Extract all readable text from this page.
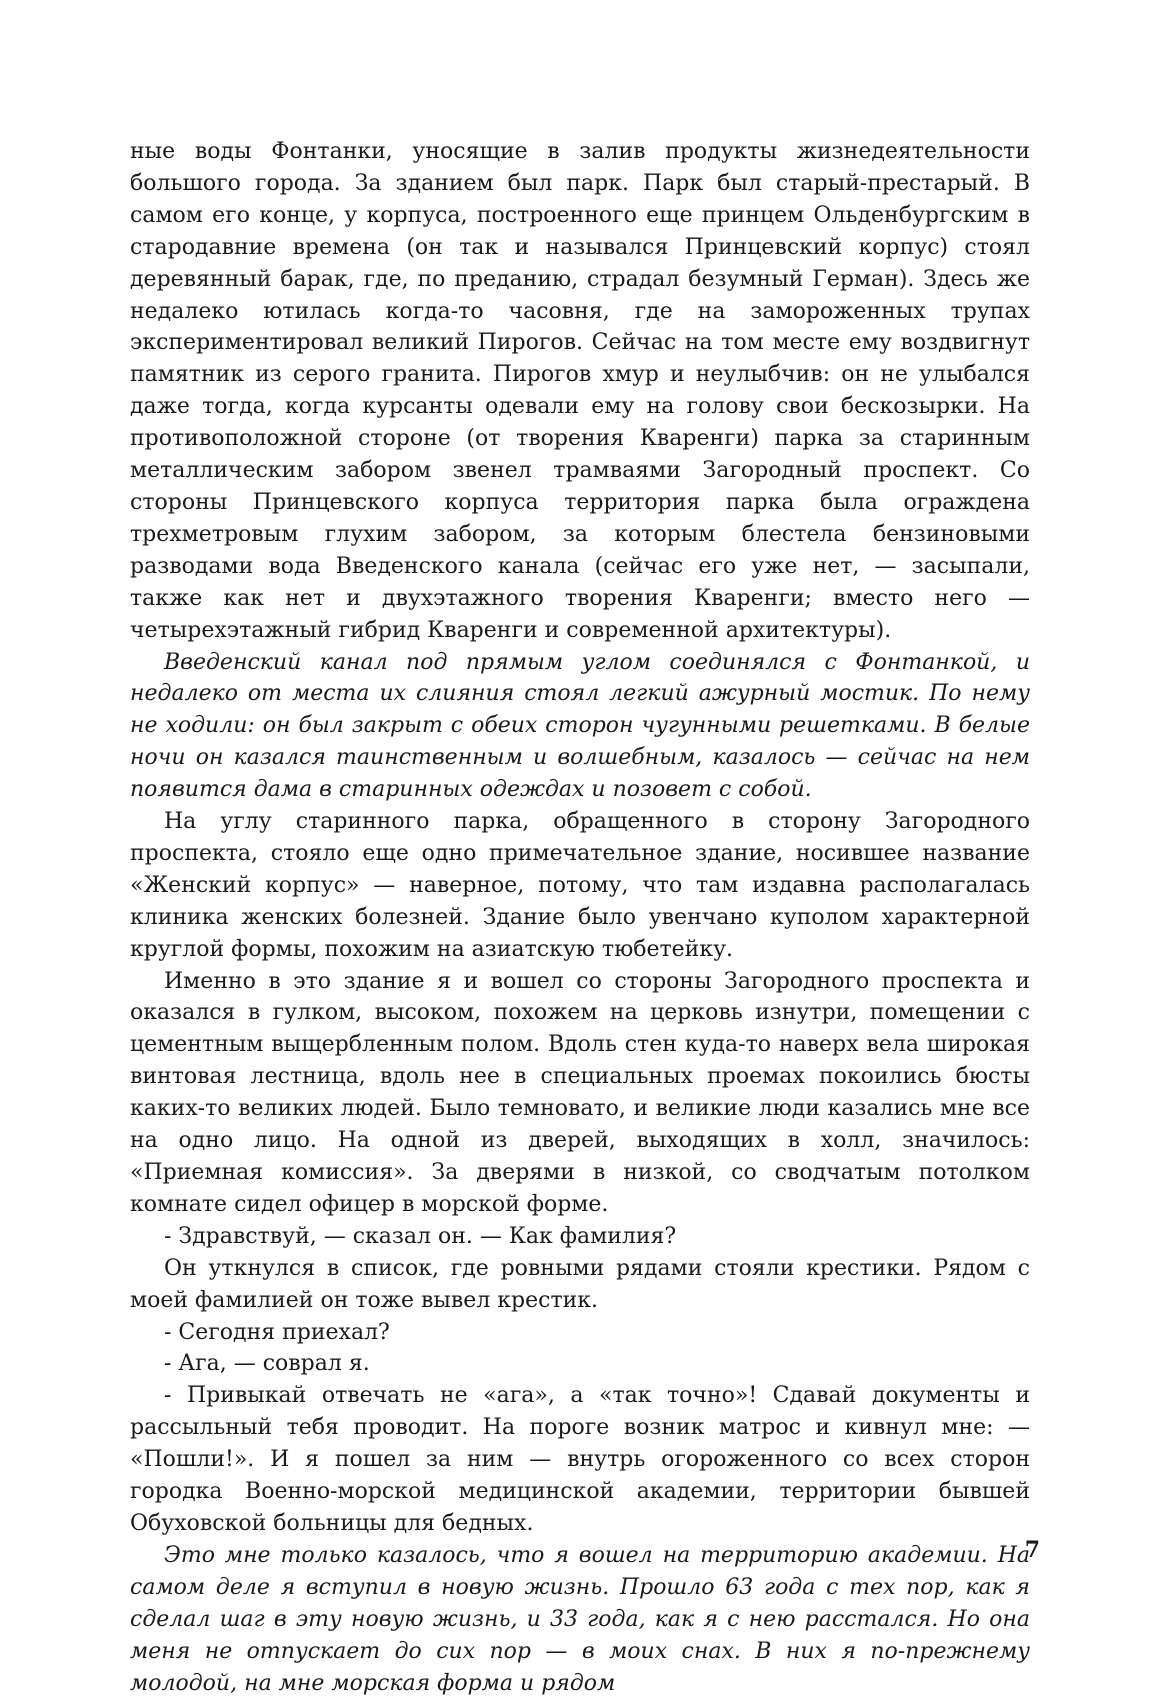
ные воды Фонтанки, уносящие в залив продукты жизнедеятельности большого города. За зданием был парк. Парк был старый-престарый. В самом его конце, у корпуса, построенного еще принцем Ольденбургским в стародавние времена (он так и назывался Принцевский корпус) стоял деревянный барак, где, по преданию, страдал безумный Герман). Здесь же недалеко ютилась когда-то часовня, где на замороженных трупах экспериментировал великий Пирогов. Сейчас на том месте ему воздвигнут памятник из серого гранита. Пирогов хмур и неулыбчив: он не улыбался даже тогда, когда курсанты одевали ему на голову свои бескозырки. На противоположной стороне (от творения Кваренги) парка за старинным металлическим забором звенел трамваями Загородный проспект. Со стороны Принцевского корпуса территория парка была ограждена трехметровым глухим забором, за которым блестела бензиновыми разводами вода Введенского канала (сейчас его уже нет, — засыпали, также как нет и двухэтажного творения Кваренги; вместо него — четырехэтажный гибрид Кваренги и современной архитектуры).

Введенский канал под прямым углом соединялся с Фонтанкой, и недалеко от места их слияния стоял легкий ажурный мостик. По нему не ходили: он был закрыт с обеих сторон чугунными решетками. В белые ночи он казался таинственным и волшебным, казалось — сейчас на нем появится дама в старинных одеждах и позовет с собой.

На углу старинного парка, обращенного в сторону Загородного проспекта, стояло еще одно примечательное здание, носившее название «Женский корпус» — наверное, потому, что там издавна располагалась клиника женских болезней. Здание было увенчано куполом характерной круглой формы, похожим на азиатскую тюбетейку.

Именно в это здание я и вошел со стороны Загородного проспекта и оказался в гулком, высоком, похожем на церковь изнутри, помещении с цементным выщербленным полом. Вдоль стен куда-то наверх вела широкая винтовая лестница, вдоль нее в специальных проемах покоились бюсты каких-то великих людей. Было темновато, и великие люди казались мне все на одно лицо. На одной из дверей, выходящих в холл, значилось: «Приемная комиссия». За дверями в низкой, со сводчатым потолком комнате сидел офицер в морской форме.

- Здравствуй, — сказал он. — Как фамилия?

Он уткнулся в список, где ровными рядами стояли крестики. Рядом с моей фамилией он тоже вывел крестик.

- Сегодня приехал?

- Ага, — соврал я.

- Привыкай отвечать не «ага», а «так точно»! Сдавай документы и рассыльный тебя проводит. На пороге возник матрос и кивнул мне: — «Пошли!». И я пошел за ним — внутрь огороженного со всех сторон городка Военно-морской медицинской академии, территории бывшей Обуховской больницы для бедных.

Это мне только казалось, что я вошел на территорию академии. На самом деле я вступил в новую жизнь. Прошло 63 года с тех пор, как я сделал шаг в эту новую жизнь, и 33 года, как я с нею расстался. Но она меня не отпускает до сих пор — в моих снах. В них я по-прежнему молодой, на мне морская форма и рядом

7
